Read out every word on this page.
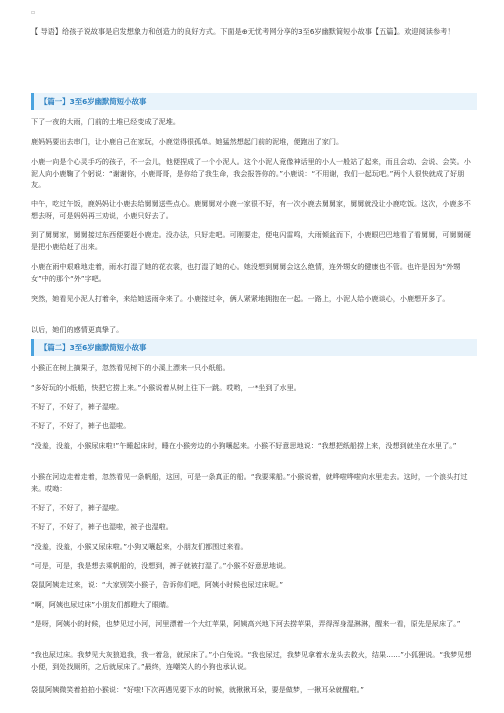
▫

【 导语】给孩子说故事是启发想象力和创造力的良好方式。下面是⊕无忧考网分享的3至6岁幽默简短小故事【五篇】。欢迎阅读参考！

【篇一】3至6岁幽默简短小故事

下了一夜的大雨，门前的土堆已经变成了泥堆。

鹿妈妈要出去串门，让小鹿自己在家玩，小鹿觉得很孤单。她猛然想起门前的泥堆，便跑出了家门。

小鹿一向是个心灵手巧的孩子，不一会儿，他便捏成了一个小泥人。这个小泥人竟像神话里的小人一般站了起来，而且会动、会说、会笑。小泥人向小鹿鞠了个躬说：“谢谢你，小鹿哥哥，是你给了我生命，我会报答你的。”小鹿说：“不用谢，我们一起玩吧。”两个人很快就成了好朋友。

中午，吃过午饭，鹿妈妈让小鹿去给舅舅送些点心。鹿舅舅对小鹿一家很不好，有一次小鹿去舅舅家，舅舅就没让小鹿吃饭。这次，小鹿多不想去呀，可是妈妈再三劝说，小鹿只好去了。

到了舅舅家，舅舅接过东西便要赶小鹿走。没办法，只好走吧。可刚要走，便电闪雷鸣，大雨倾盆而下，小鹿眼巴巴地看了看舅舅，可舅舅硬是把小鹿给赶了出来。

小鹿在雨中艰难地走着，雨水打湿了她的花衣裳，也打湿了她的心。她没想到舅舅会这么绝情，连外甥女的健康也不管。也许是因为“外甥女”中的那个“外”字吧。

突然，她看见小泥人打着伞，来给她送雨伞来了。小鹿接过伞，俩人紧紧地拥抱在一起。一路上，小泥人给小鹿谈心，小鹿想开多了。

以后，她们的感情更真挚了。

【篇二】3至6岁幽默简短小故事

小猴正在树上摘果子，忽然看见树下的小溪上漂来一只小纸船。

“多好玩的小纸船，快把它捞上来。”小猴说着从树上往下一跳。哎哟，一*坐到了水里。

不好了，不好了，裤子湿啦。

不好了，不好了，裤子也湿啦。

“没羞，没羞，小猴尿床啦!”午睡起床时，睡在小猴旁边的小狗嚷起来。小猴不好意思地说：“我想把纸船捞上来，没想到就坐在水里了。”

小猴在河边走着走着，忽然看见一条帆船，这回，可是一条真正的船。“我要乘船。”小猴说着，就哗啦哗啦向水里走去。这时，一个浪头打过来。哎呦：

不好了，不好了，裤子湿啦。

不好了，不好了，裤子也湿啦，被子也湿啦。

“没羞，没羞，小猴又尿床啦。”小狗又嚷起来，小朋友们都围过来看。

“可是，可是，我是想去乘帆船的，没想到，裤子就被打湿了。”小猴不好意思地说。

袋鼠阿姨走过来，说：“大家别笑小猴子，告诉你们吧，阿姨小时候也尿过床呢。”

“啊，阿姨也尿过床”小朋友们都瞪大了眼睛。

“是呀，阿姨小的时候，也梦见过小河，河里漂着一个大红苹果，阿姨高兴地下河去捞苹果，弄得浑身湿淋淋，醒来一看，原先是尿床了。”

“我也尿过床。我梦见大灰狼追我，我一着急，就尿床了。”小白兔说。“我也尿过，我梦见拿着水龙头去救火，结果……”小狐狸说。“我梦见想小便，到处找厕所，之后就尿床了。”最终，连嘲笑人的小狗也承认说。

袋鼠阿姨微笑着拍拍小猴说：“好啦!下次再遇见要下水的时候，就揪揪耳朵，要是做梦，一揪耳朵就醒啦。”
